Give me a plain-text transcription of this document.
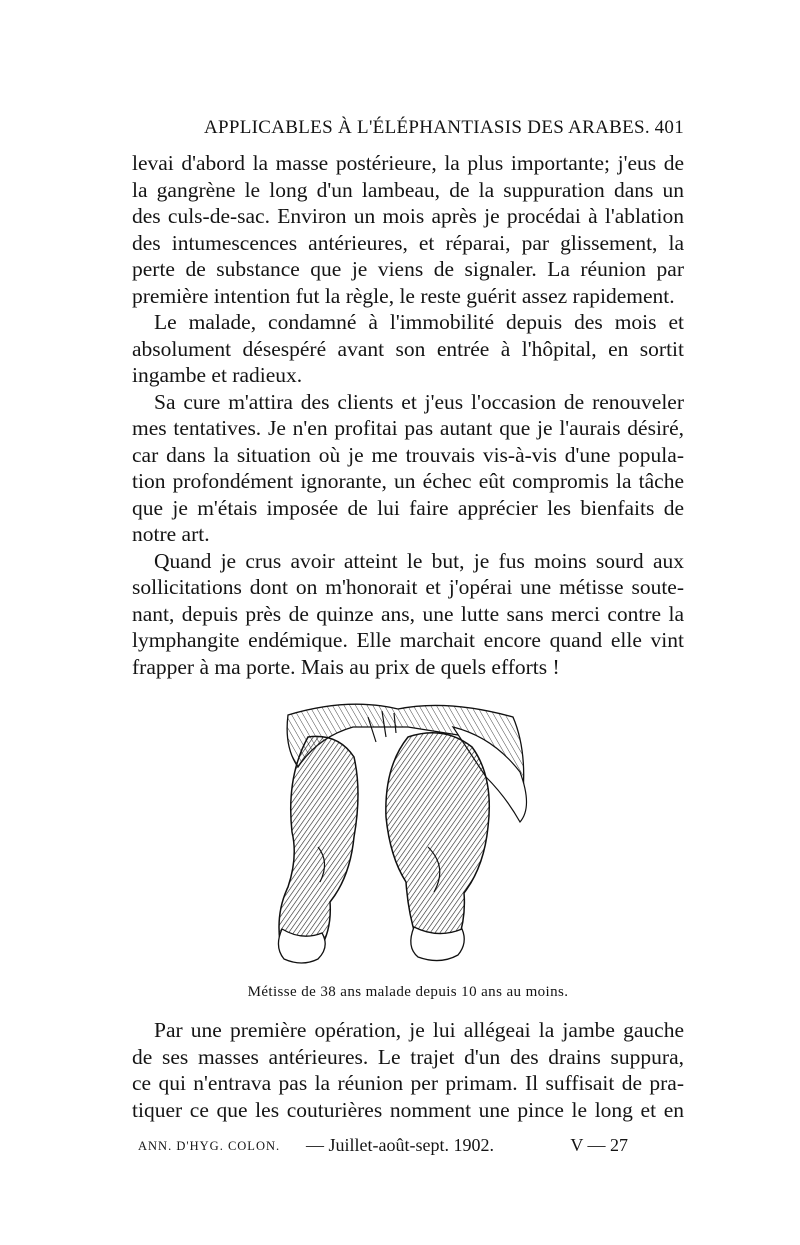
APPLICABLES À L'ÉLÉPHANTIASIS DES ARABES. 401
levai d'abord la masse postérieure, la plus importante; j'eus de
la gangrène le long d'un lambeau, de la suppuration dans un
des culs-de-sac. Environ un mois après je procédai à l'ablation
des intumescences antérieures, et réparai, par glissement, la
perte de substance que je viens de signaler. La réunion par
première intention fut la règle, le reste guérit assez rapidement.
Le malade, condamné à l'immobilité depuis des mois et
absolument désespéré avant son entrée à l'hôpital, en sortit
ingambe et radieux.
Sa cure m'attira des clients et j'eus l'occasion de renouveler
mes tentatives. Je n'en profitai pas autant que je l'aurais désiré,
car dans la situation où je me trouvais vis-à-vis d'une popula-
tion profondément ignorante, un échec eût compromis la tâche
que je m'étais imposée de lui faire apprécier les bienfaits de
notre art.
Quand je crus avoir atteint le but, je fus moins sourd aux
sollicitations dont on m'honorait et j'opérai une métisse soute-
nant, depuis près de quinze ans, une lutte sans merci contre la
lymphangite endémique. Elle marchait encore quand elle vint
frapper à ma porte. Mais au prix de quels efforts !
Métisse de 38 ans malade depuis 10 ans au moins.
Par une première opération, je lui allégeai la jambe gauche
de ses masses antérieures. Le trajet d'un des drains suppura,
ce qui n'entrava pas la réunion per primam. Il suffisait de pra-
tiquer ce que les couturières nomment une pince le long et en
ANN. D'HYG. COLON. — Juillet-août-sept. 1902.	V — 27
